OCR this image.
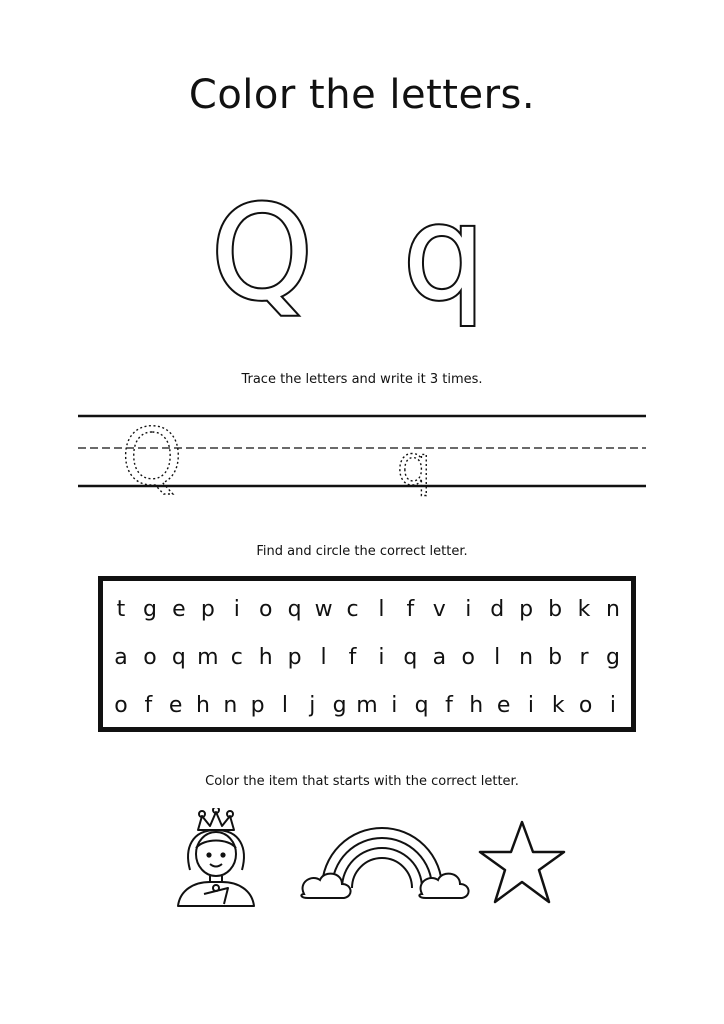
Color the letters.
Q q
Trace the letters and write it 3 times.
Q	q
Find and circle the correct letter.
t g e p i o q w c l	f v i d p b k n
a o q m c h p l	f	i q a o l n b r g
o f e h n p l j g m i q f h e i k o i
Color the item that starts with the correct letter.
